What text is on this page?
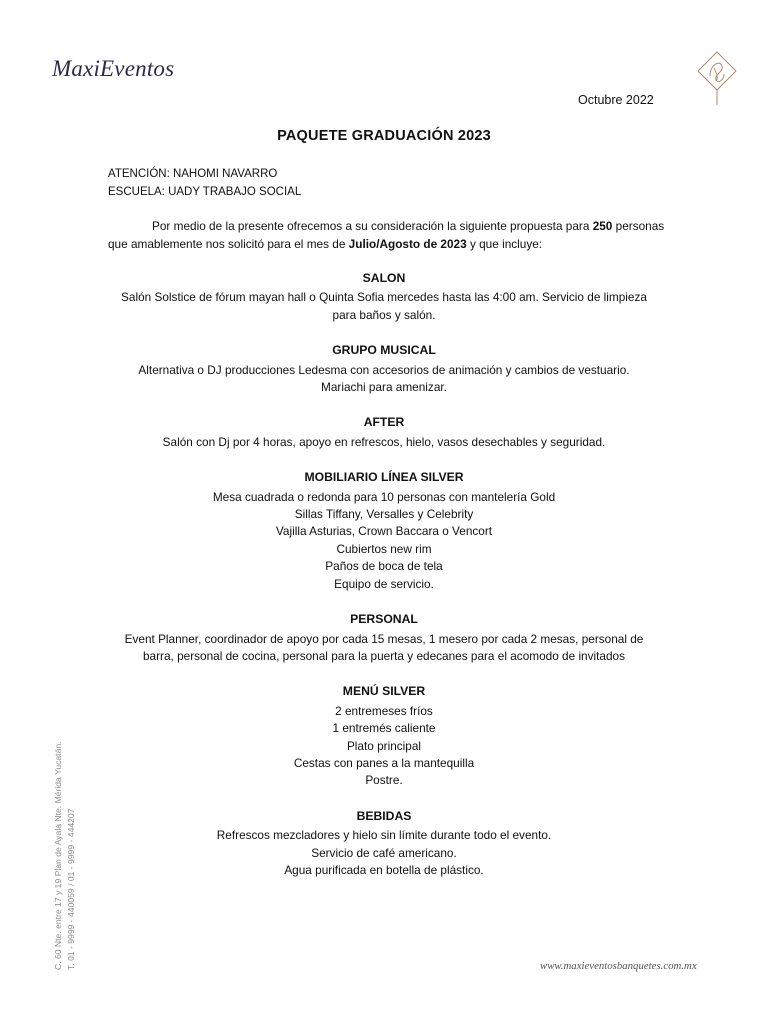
MaxiEventos
Octubre 2022
PAQUETE GRADUACIÓN 2023
ATENCIÓN: NAHOMI NAVARRO
ESCUELA: UADY TRABAJO SOCIAL

Por medio de la presente ofrecemos a su consideración la siguiente propuesta para 250 personas que amablemente nos solicitó para el mes de Julio/Agosto de 2023 y que incluye:

SALON
Salón Solstice de fórum mayan hall o Quinta Sofia mercedes hasta las 4:00 am. Servicio de limpieza
para baños y salón.
GRUPO MUSICAL
Alternativa o DJ producciones Ledesma con accesorios de animación y cambios de vestuario.
Mariachi para amenizar.
AFTER
Salón con Dj por 4 horas, apoyo en refrescos, hielo, vasos desechables y seguridad.
MOBILIARIO LÍNEA SILVER
Mesa cuadrada o redonda para 10 personas con mantelería Gold
Sillas Tiffany, Versalles y Celebrity
Vajilla Asturias, Crown Baccara o Vencort
Cubiertos new rim
Paños de boca de tela
Equipo de servicio.
PERSONAL
Event Planner, coordinador de apoyo por cada 15 mesas, 1 mesero por cada 2 mesas, personal de
barra, personal de cocina, personal para la puerta y edecanes para el acomodo de invitados
MENÚ SILVER
2 entremeses fríos
1 entremés caliente
Plato principal
Cestas con panes a la mantequilla
Postre.
BEBIDAS
Refrescos mezcladores y hielo sin límite durante todo el evento.
Servicio de café americano.
Agua purificada en botella de plástico.
C. 60 Nte. entre 17 y 19 Plan de Ayala Nte. Mérida Yucatán. T. 01 - 9999 - 440059 / 01 - 9999 - 444207	www.maxieventosbanquetes.com.mx
